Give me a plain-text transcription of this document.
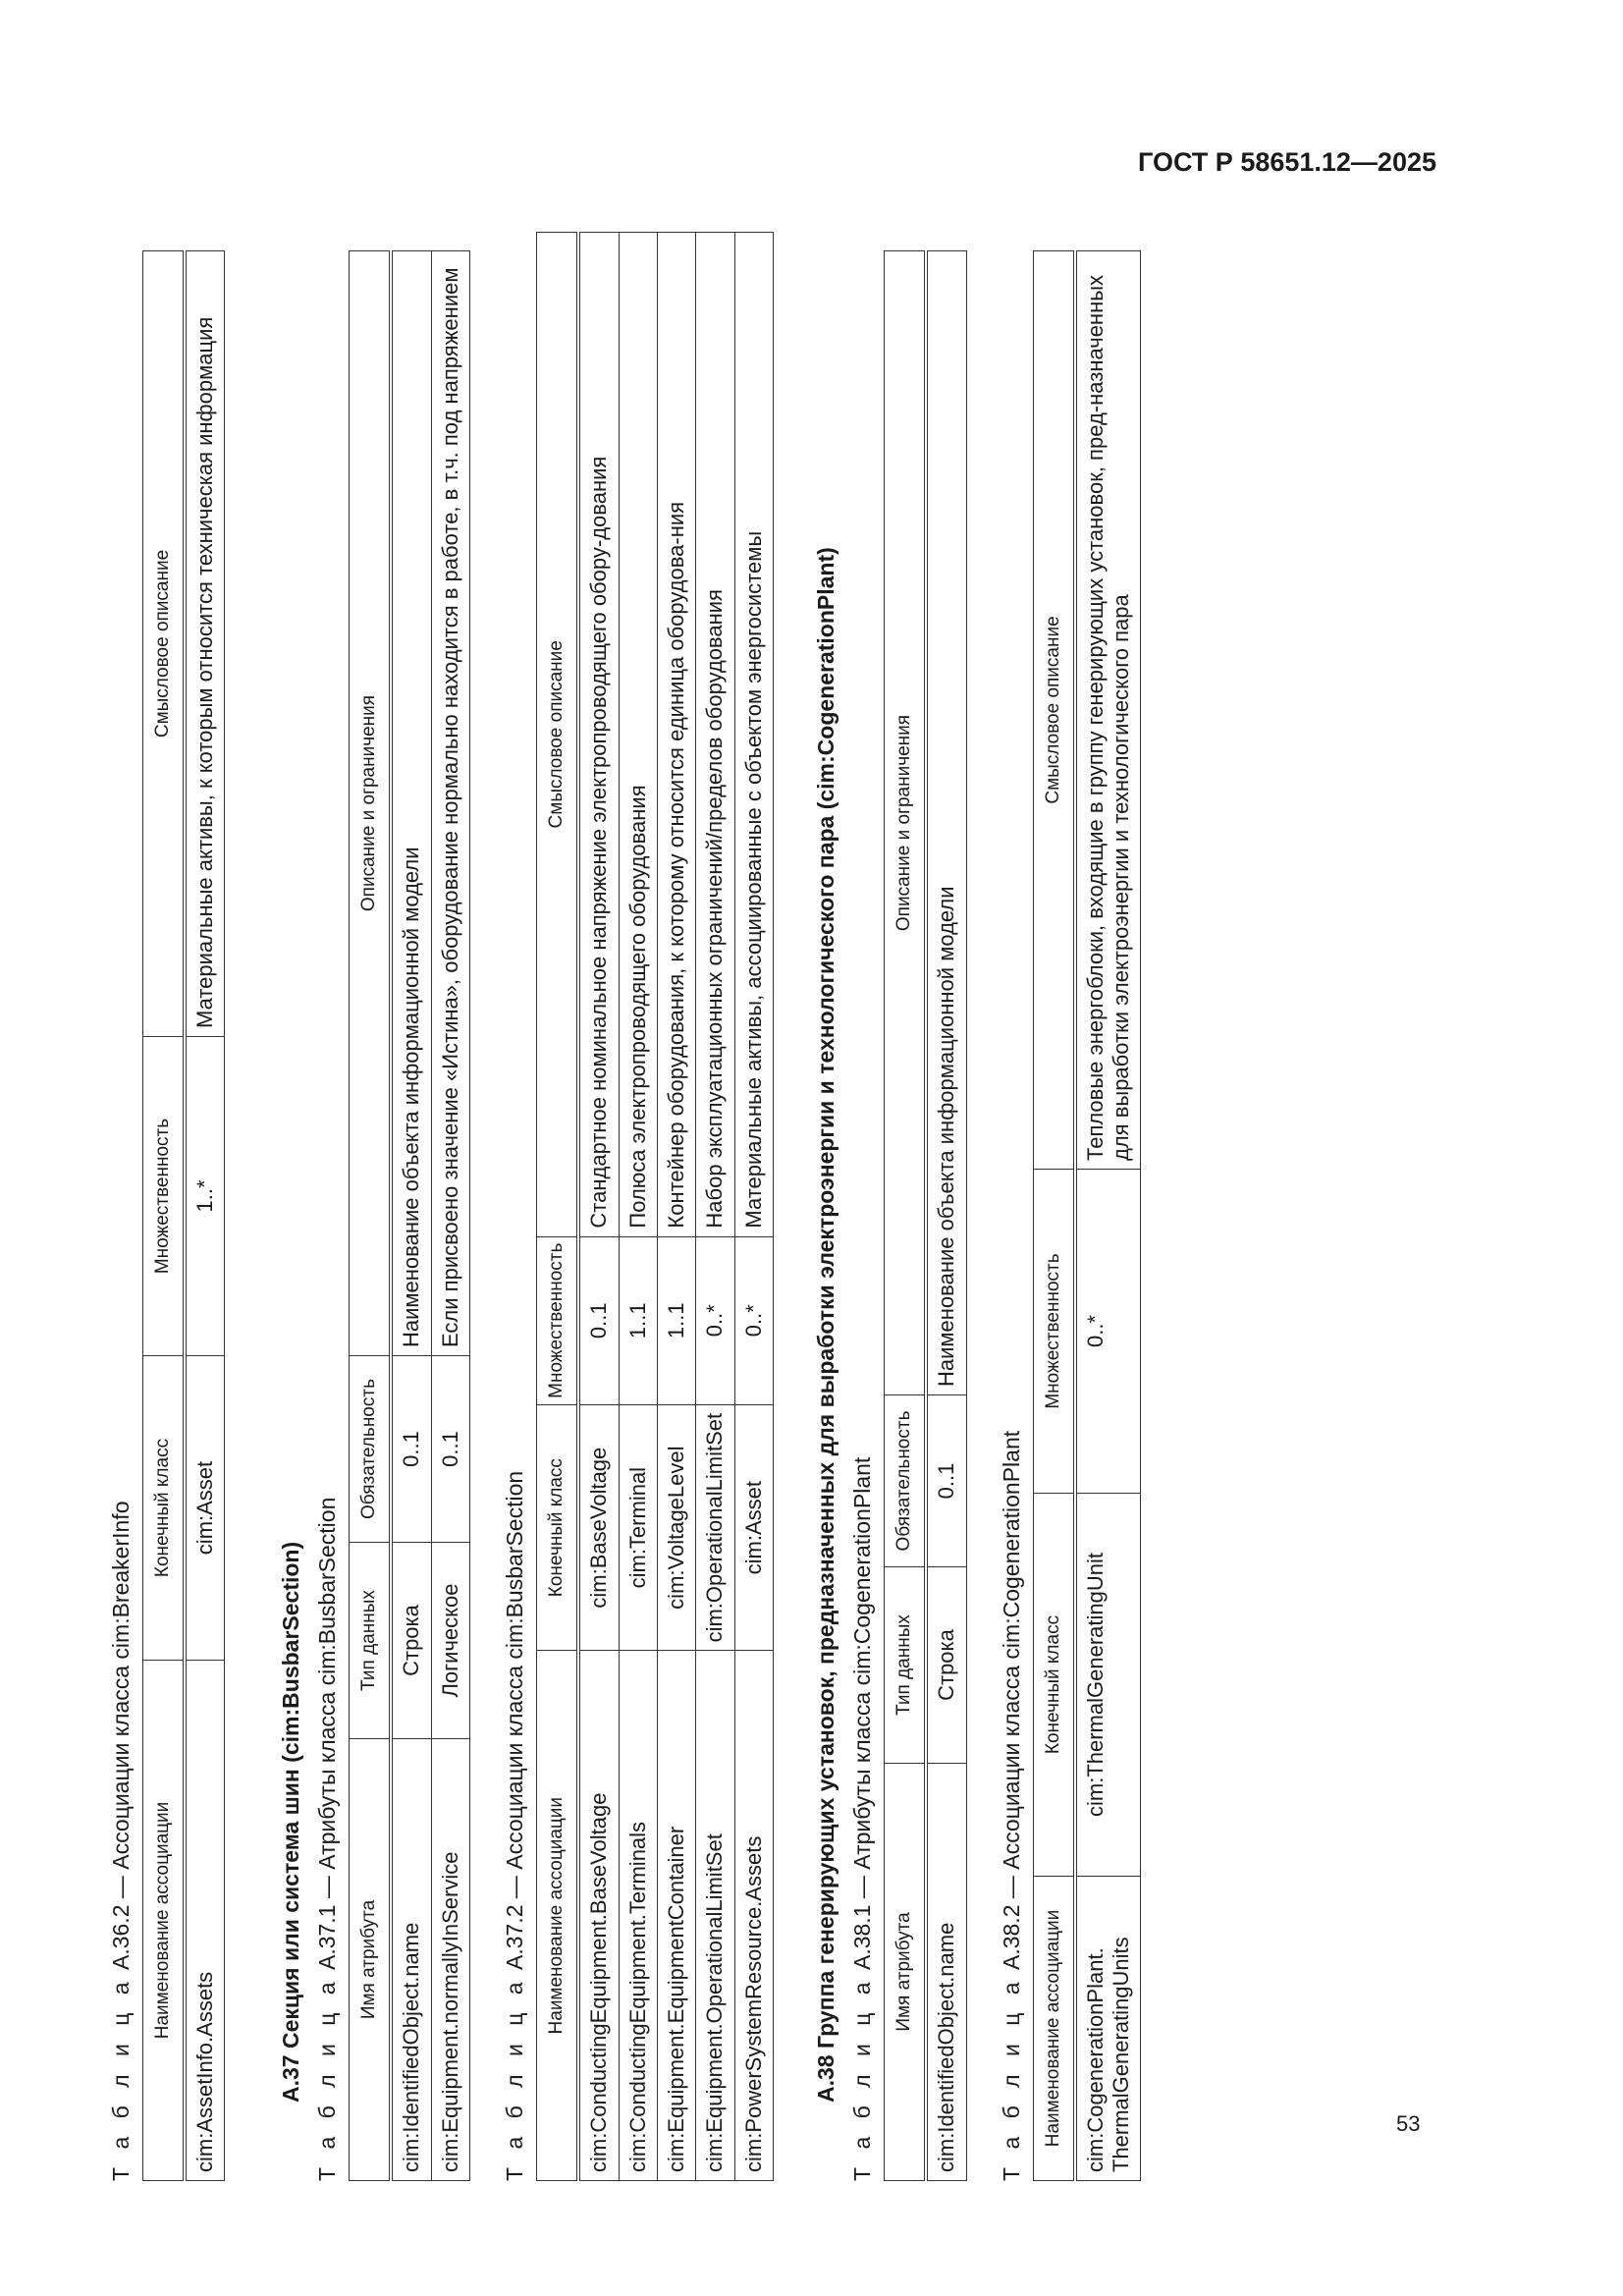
ГОСТ Р 58651.12—2025
53
Т а б л и ц а А.36.2 — Ассоциации класса cim:BreakerInfo Наименование ассоциации	Конечный класс	Множественность	Смысловое описание
cim:AssetInfo.Assets	cim:Asset	1..*	Материальные активы, к которым относится техническая информация
А.37 Секция или система шин (cim:BusbarSection) Т а б л и ц а А.37.1 — Атрибуты класса cim:BusbarSection Имя атрибута	Тип данных	Обязательность	Описание и ограничения
cim:IdentifiedObject.name	Строка	0..1	Наименование объекта информационной модели
cim:Equipment.normallyInService	Логическое	0..1	Если присвоено значение «Истина», оборудование нормально находится в работе, в т.ч. под напряжением
Т а б л и ц а А.37.2 — Ассоциации класса cim:BusbarSection Наименование ассоциации	Конечный класс	Множественность	Смысловое описание
cim:ConductingEquipment.BaseVoltage	cim:BaseVoltage	0..1	Стандартное номинальное напряжение электропроводящего обору-дования
cim:ConductingEquipment.Terminals	cim:Terminal	1..1	Полюса электропроводящего оборудования
cim:Equipment.EquipmentContainer	cim:VoltageLevel	1..1	Контейнер оборудования, к которому относится единица оборудова-ния
cim:Equipment.OperationalLimitSet	cim:OperationalLimitSet	0..*	Набор эксплуатационных ограничений/пределов оборудования
cim:PowerSystemResource.Assets	cim:Asset	0..*	Материальные активы, ассоциированные с объектом энергосистемы А.38 Группа генерирующих установок, предназначенных для выработки электроэнергии и технологического пара (cim:CogenerationPlant) Т а б л и ц а А.38.1 — Атрибуты класса cim:CogenerationPlant
Имя атрибута	Тип данных	Обязательность	Описание и ограничения
cim:IdentifiedObject.name	Строка	0..1	Наименование объекта информационной модели
Т а б л и ц а А.38.2 — Ассоциации класса cim:CogenerationPlant
Наименование ассоциации	Конечный класс	Множественность	Смысловое описание
cim:CogenerationPlant. ThermalGeneratingUnits	cim:ThermalGeneratingUnit	0..*	Тепловые энергоблоки, входящие в группу генерирующих установок, пред-назначенных для выработки электроэнергии и технологического пара
